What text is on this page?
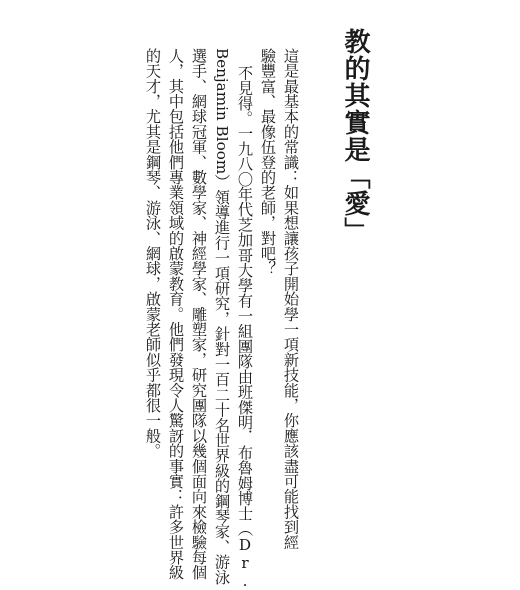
教的其實是「愛」
這是最基本的常識：如果想讓孩子開始學一項新技能，你應該盡可能找到經
驗豐富、最像伍登的老師，對吧？
不見得。一九八〇年代芝加哥大學有一組團隊由班傑明．布魯姆博士（Dr.
Benjamin Bloom）領導進行一項研究，針對一百二十名世界級的鋼琴家、游泳
選手、網球冠軍、數學家、神經學家、雕塑家，研究團隊以幾個面向來檢驗每個
人，其中包括他們專業領域的啟蒙教育。他們發現令人驚訝的事實：許多世界級
的天才，尤其是鋼琴、游泳、網球，啟蒙老師似乎都很一般。
